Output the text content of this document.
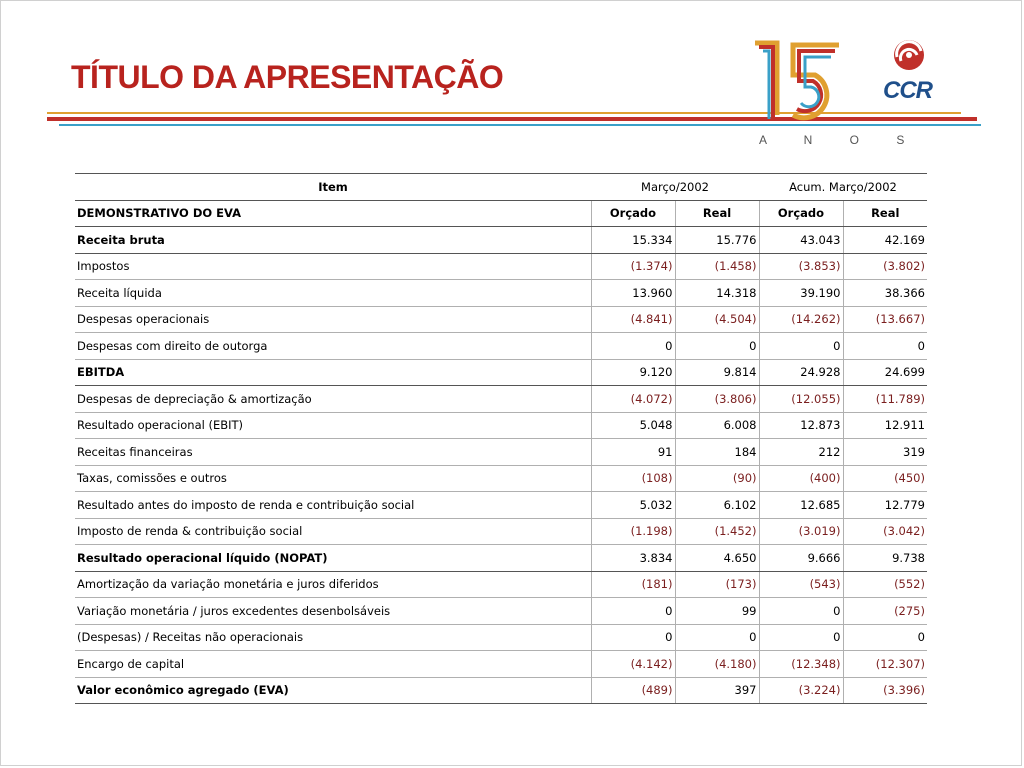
TÍTULO DA APRESENTAÇÃO
A N O S
CCR
Item	Março/2002		Acum. Março/2002	
DEMONSTRATIVO DO EVA	Orçado	Real	Orçado	Real
Receita bruta	15.334	15.776	43.043	42.169
Impostos	(1.374)	(1.458)	(3.853)	(3.802)
Receita líquida	13.960	14.318	39.190	38.366
Despesas operacionais	(4.841)	(4.504)	(14.262)	(13.667)
Despesas com direito de outorga	0	0	0	0
EBITDA	9.120	9.814	24.928	24.699
Despesas de depreciação & amortização	(4.072)	(3.806)	(12.055)	(11.789)
Resultado operacional (EBIT)	5.048	6.008	12.873	12.911
Receitas financeiras	91	184	212	319
Taxas, comissões e outros	(108)	(90)	(400)	(450)
Resultado antes do imposto de renda e contribuição social	5.032	6.102	12.685	12.779
Imposto de renda & contribuição social	(1.198)	(1.452)	(3.019)	(3.042)
Resultado operacional líquido (NOPAT)	3.834	4.650	9.666	9.738
Amortização da variação monetária e juros diferidos	(181)	(173)	(543)	(552)
Variação monetária / juros excedentes desenbolsáveis	0	99	0	(275)
(Despesas) / Receitas não operacionais	0	0	0	0
Encargo de capital	(4.142)	(4.180)	(12.348)	(12.307)
Valor econômico agregado (EVA)	(489)	397	(3.224)	(3.396)
